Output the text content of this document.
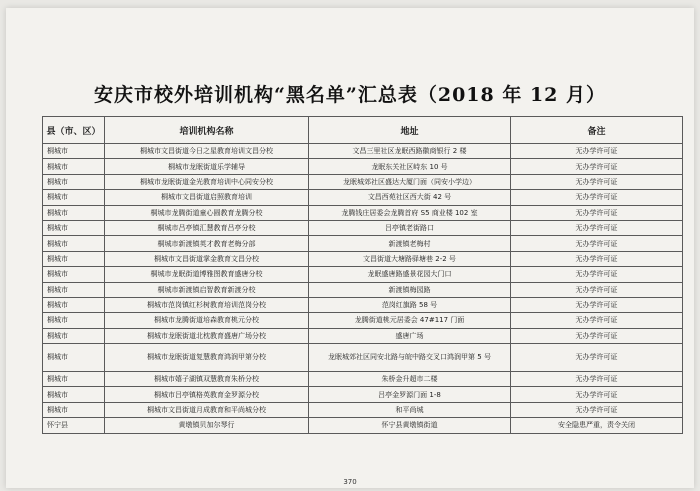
安庆市校外培训机构“黑名单”汇总表（2018 年 12 月）
县（市、区）	培训机构名称	地址	备注
桐城市	桐城市文昌街道今日之星教育培训文昌分校	文昌三里社区龙眠西路徽商银行 2 楼	无办学许可证
桐城市	桐城市龙眠街道乐学辅导	龙眠东关社区峙东 10 号	无办学许可证
桐城市	桐城市龙眠街道金光教育培训中心同安分校	龙眠城郊社区盛达大厦门面（同安小学边）	无办学许可证
桐城市	桐城市文昌街道启照教育培训	文昌西苑社区西大街 42 号	无办学许可证
桐城市	桐城市龙腾街道童心圆教育龙腾分校	龙腾钱庄居委会龙腾首府 S5 商业楼 102 室	无办学许可证
桐城市	桐城市吕亭镇汇慧教育吕亭分校	吕亭镇老街路口	无办学许可证
桐城市	桐城市新渡镇英才教育老梅分部	新渡镇老梅村	无办学许可证
桐城市	桐城市文昌街道掌金教育文昌分校	文昌街道大塘路驿塘巷 2-2 号	无办学许可证
桐城市	桐城市龙眠街道博雅图教育盛唐分校	龙眠盛唐路盛景花园大门口	无办学许可证
桐城市	桐城市新渡镇启智教育新渡分校	新渡镇梅园路	无办学许可证
桐城市	桐城市范岗镇红杉树教育培训范岗分校	范岗红旗路 58 号	无办学许可证
桐城市	桐城市龙腾街道培森教育桃元分校	龙腾街道桃元居委会 47#117 门面	无办学许可证
桐城市	桐城市龙眠街道北枕教育盛唐广场分校	盛唐广场	无办学许可证
桐城市	桐城市龙眠街道复慧教育鸿润甲第分校	龙眠城郊社区同安北路与皖中路交叉口鸿润甲第 5 号	无办学许可证
桐城市	桐城市嬉子湖镇双慧教育朱桥分校	朱桥金升超市二楼	无办学许可证
桐城市	桐城市吕亭镇格英教育金罗源分校	吕亭金罗源门面 1-8	无办学许可证
桐城市	桐城市文昌街道月成教育和平尚城分校	和平尚城	无办学许可证
怀宁县	黄墩镇贝加尔琴行	怀宁县黄墩镇街道	安全隐患严重，责令关闭
370
